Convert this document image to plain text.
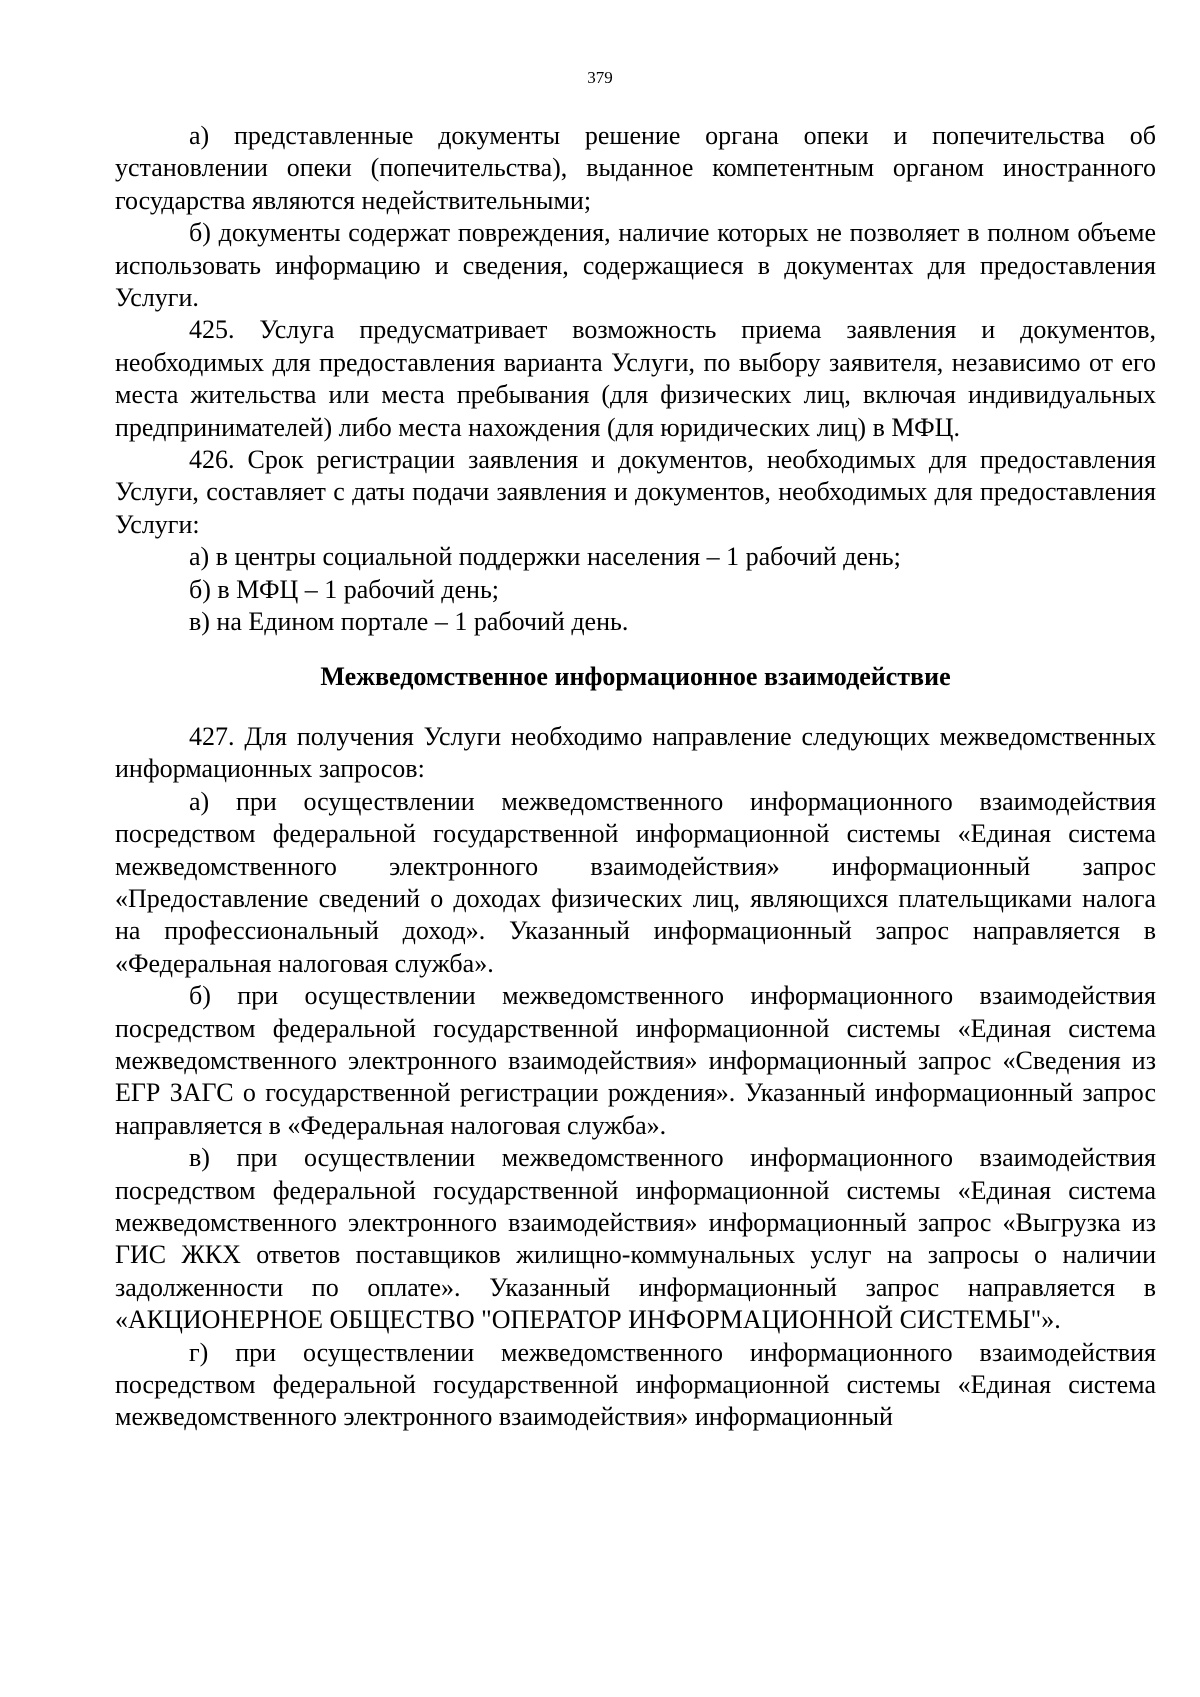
379

а) представленные документы решение органа опеки и попечительства об установлении опеки (попечительства), выданное компетентным органом иностранного государства являются недействительными;

б) документы содержат повреждения, наличие которых не позволяет в полном объеме использовать информацию и сведения, содержащиеся в документах для предоставления Услуги.

425. Услуга предусматривает возможность приема заявления и документов, необходимых для предоставления варианта Услуги, по выбору заявителя, независимо от его места жительства или места пребывания (для физических лиц, включая индивидуальных предпринимателей) либо места нахождения (для юридических лиц) в МФЦ.

426. Срок регистрации заявления и документов, необходимых для предоставления Услуги, составляет с даты подачи заявления и документов, необходимых для предоставления Услуги:

а) в центры социальной поддержки населения – 1 рабочий день;

б) в МФЦ – 1 рабочий день;

в) на Едином портале – 1 рабочий день.

Межведомственное информационное взаимодействие

427. Для получения Услуги необходимо направление следующих межведомственных информационных запросов:

а) при осуществлении межведомственного информационного взаимодействия посредством федеральной государственной информационной системы «Единая система межведомственного электронного взаимодействия» информационный запрос «Предоставление сведений о доходах физических лиц, являющихся плательщиками налога на профессиональный доход». Указанный информационный запрос направляется в «Федеральная налоговая служба».

б) при осуществлении межведомственного информационного взаимодействия посредством федеральной государственной информационной системы «Единая система межведомственного электронного взаимодействия» информационный запрос «Сведения из ЕГР ЗАГС о государственной регистрации рождения». Указанный информационный запрос направляется в «Федеральная налоговая служба».

в) при осуществлении межведомственного информационного взаимодействия посредством федеральной государственной информационной системы «Единая система межведомственного электронного взаимодействия» информационный запрос «Выгрузка из ГИС ЖКХ ответов поставщиков жилищно-коммунальных услуг на запросы о наличии задолженности по оплате». Указанный информационный запрос направляется в «АКЦИОНЕРНОЕ ОБЩЕСТВО "ОПЕРАТОР ИНФОРМАЦИОННОЙ СИСТЕМЫ"».

г) при осуществлении межведомственного информационного взаимодействия посредством федеральной государственной информационной системы «Единая система межведомственного электронного взаимодействия» информационный
